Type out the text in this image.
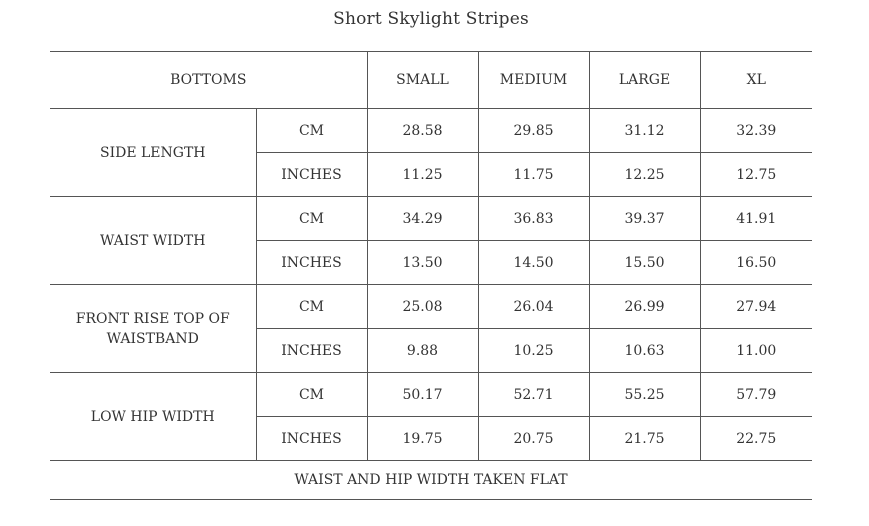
Short Skylight Stripes
BOTTOMS		SMALL	MEDIUM	LARGE	XL
SIDE LENGTH	CM	28.58	29.85	31.12	32.39
	INCHES	11.25	11.75	12.25	12.75
WAIST WIDTH	CM	34.29	36.83	39.37	41.91
	INCHES	13.50	14.50	15.50	16.50
FRONT RISE TOP OF WAISTBAND	CM	25.08	26.04	26.99	27.94
	INCHES	9.88	10.25	10.63	11.00
LOW HIP WIDTH	CM	50.17	52.71	55.25	57.79
	INCHES	19.75	20.75	21.75	22.75
WAIST AND HIP WIDTH TAKEN FLAT					
